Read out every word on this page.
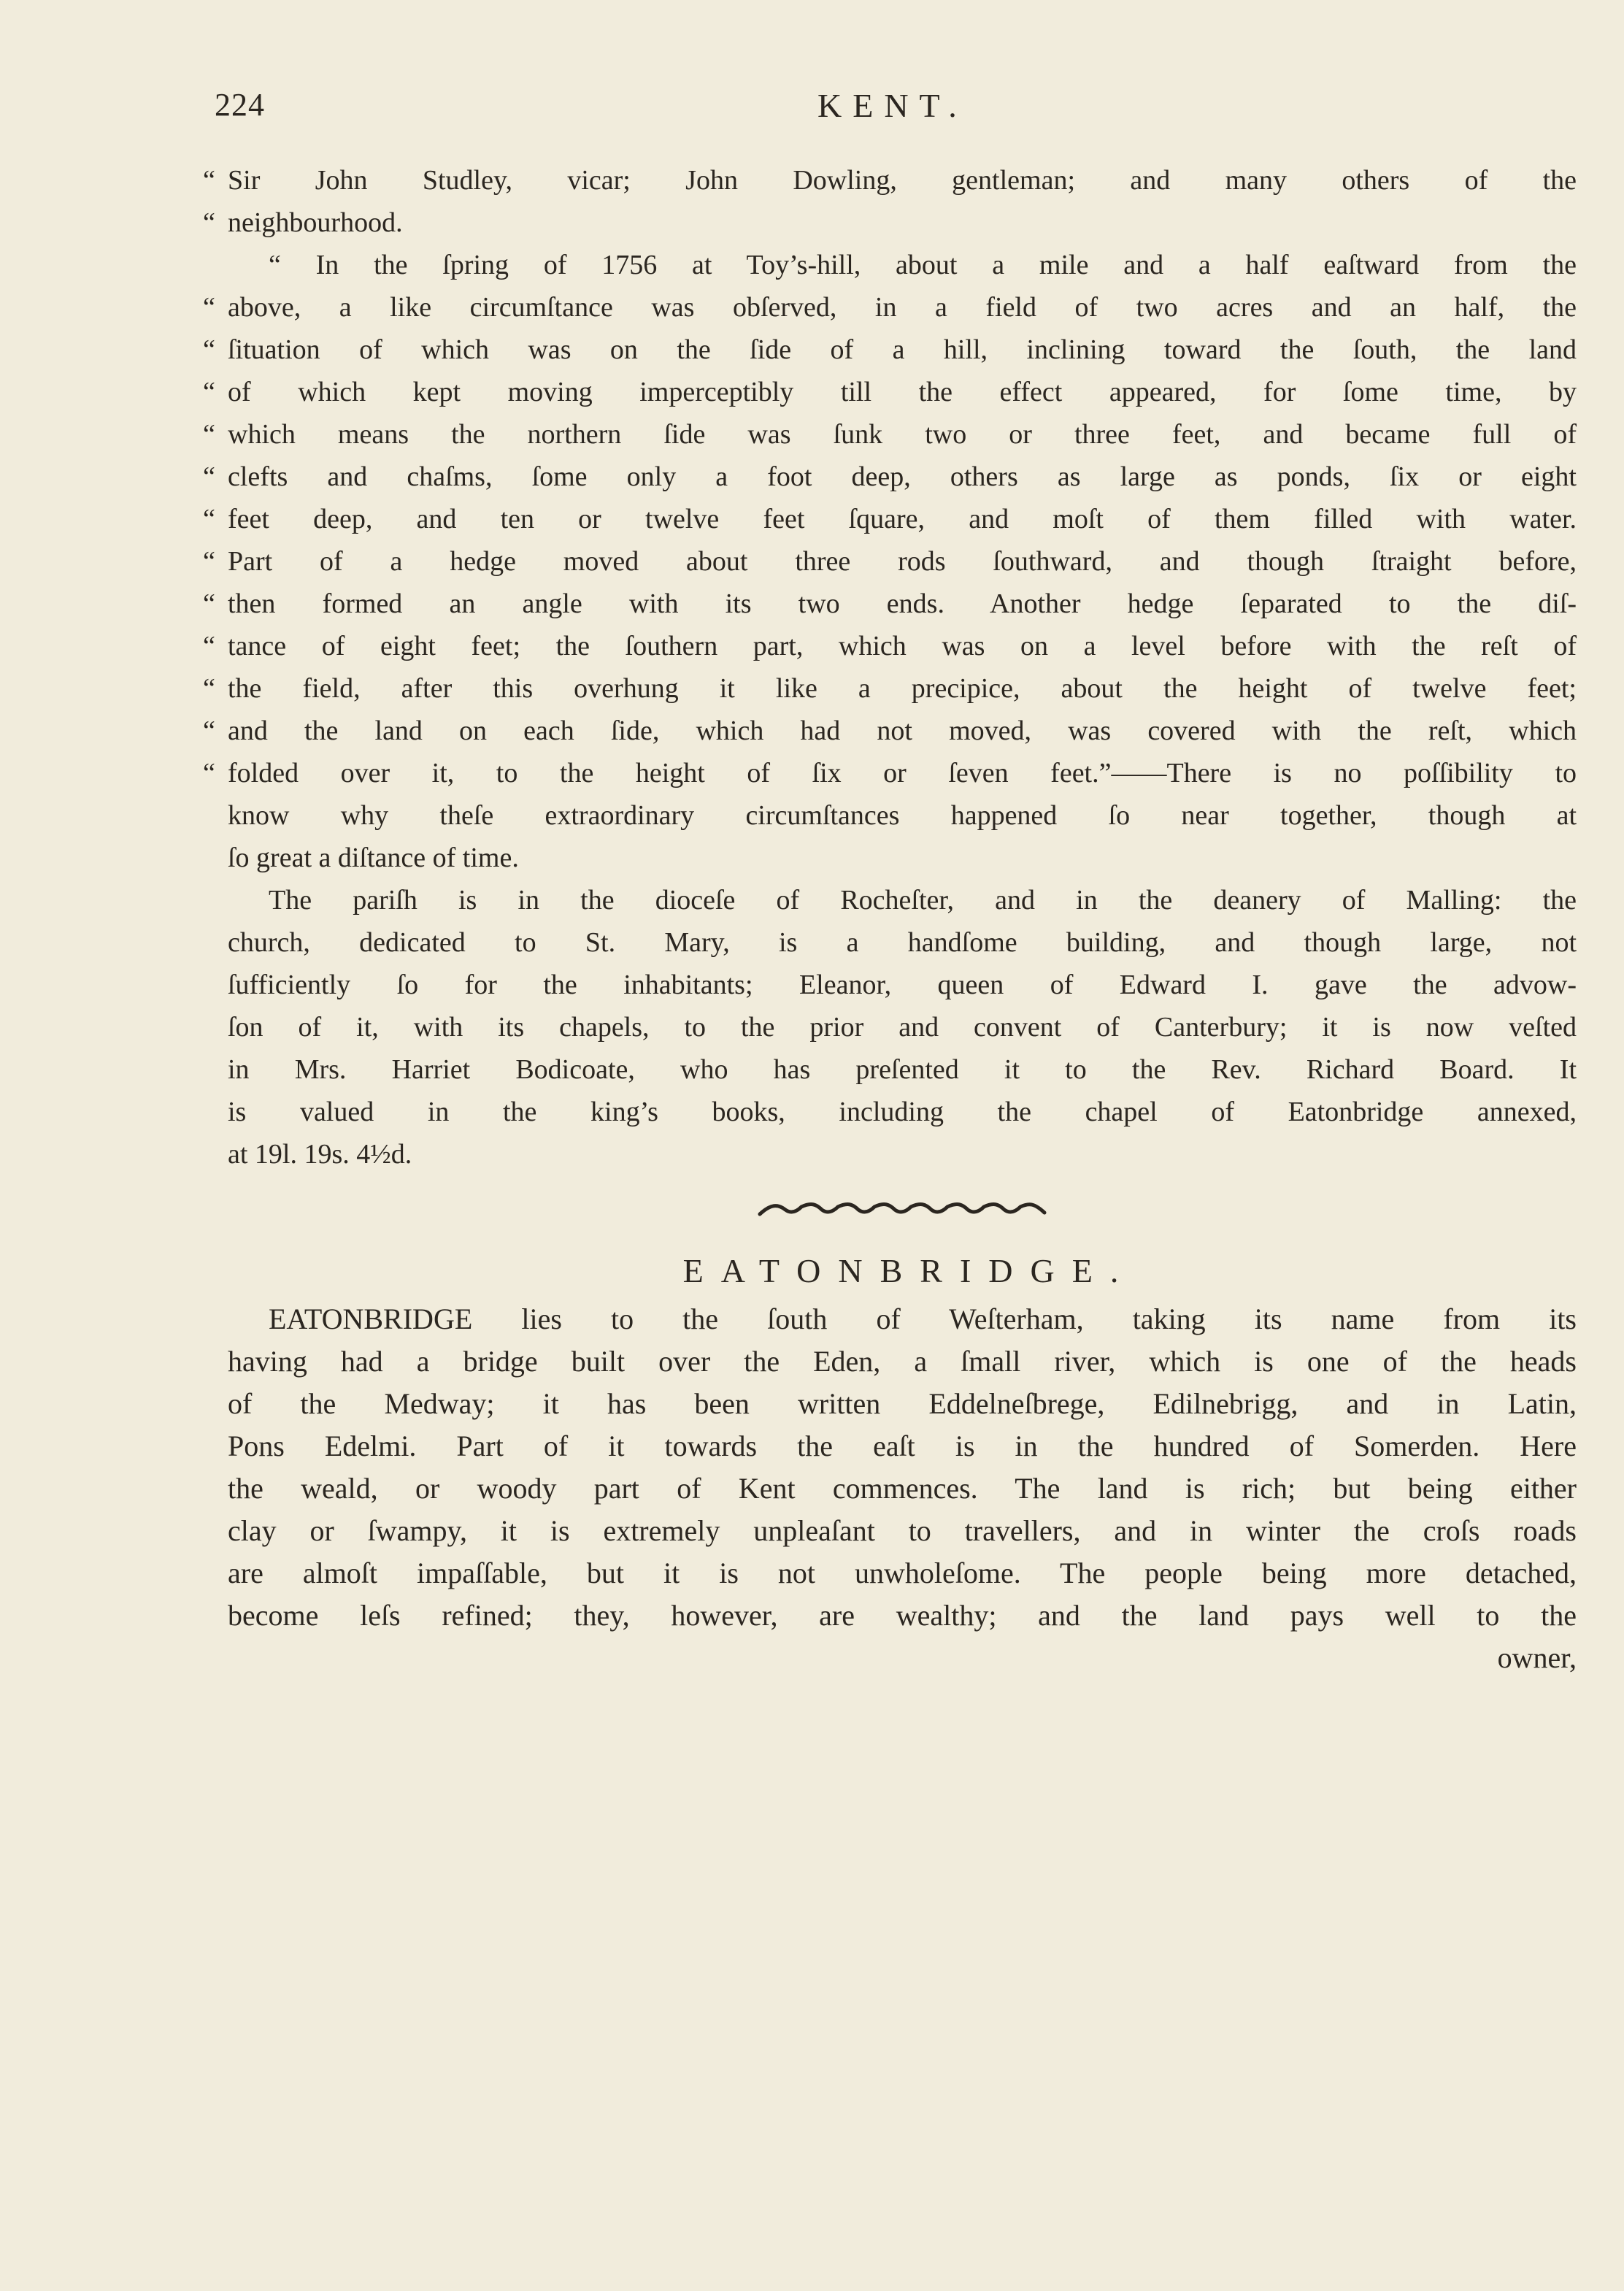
224	KENT.
“ Sir John Studley, vicar; John Dowling, gentleman; and many others of the
“ neighbourhood.
“ In the ſpring of 1756 at Toy’s-hill, about a mile and a half eaſtward from the
“ above, a like circumſtance was obſerved, in a field of two acres and an half, the
“ ſituation of which was on the ſide of a hill, inclining toward the ſouth, the land
“ of which kept moving imperceptibly till the effect appeared, for ſome time, by
“ which means the northern ſide was ſunk two or three feet, and became full of
“ clefts and chaſms, ſome only a foot deep, others as large as ponds, ſix or eight
“ feet deep, and ten or twelve feet ſquare, and moſt of them filled with water.
“ Part of a hedge moved about three rods ſouthward, and though ſtraight before,
“ then formed an angle with its two ends. Another hedge ſeparated to the diſ-
“ tance of eight feet; the ſouthern part, which was on a level before with the reſt of
“ the field, after this overhung it like a precipice, about the height of twelve feet;
“ and the land on each ſide, which had not moved, was covered with the reſt, which
“ folded over it, to the height of ſix or ſeven feet.”——There is no poſſibility to
know why theſe extraordinary circumſtances happened ſo near together, though at
ſo great a diſtance of time.
The pariſh is in the dioceſe of Rocheſter, and in the deanery of Malling: the
church, dedicated to St. Mary, is a handſome building, and though large, not
ſufficiently ſo for the inhabitants; Eleanor, queen of Edward I. gave the advow-
ſon of it, with its chapels, to the prior and convent of Canterbury; it is now veſted
in Mrs. Harriet Bodicoate, who has preſented it to the Rev. Richard Board. It
is valued in the king’s books, including the chapel of Eatonbridge annexed,
at 19l. 19s. 4½d.
EATONBRIDGE.
EATONBRIDGE lies to the ſouth of Weſterham, taking its name from its
having had a bridge built over the Eden, a ſmall river, which is one of the heads
of the Medway; it has been written Eddelneſbrege, Edilnebrigg, and in Latin,
Pons Edelmi. Part of it towards the eaſt is in the hundred of Somerden. Here
the weald, or woody part of Kent commences. The land is rich; but being either
clay or ſwampy, it is extremely unpleaſant to travellers, and in winter the croſs roads
are almoſt impaſſable, but it is not unwholeſome. The people being more detached,
become leſs refined; they, however, are wealthy; and the land pays well to the
owner,
